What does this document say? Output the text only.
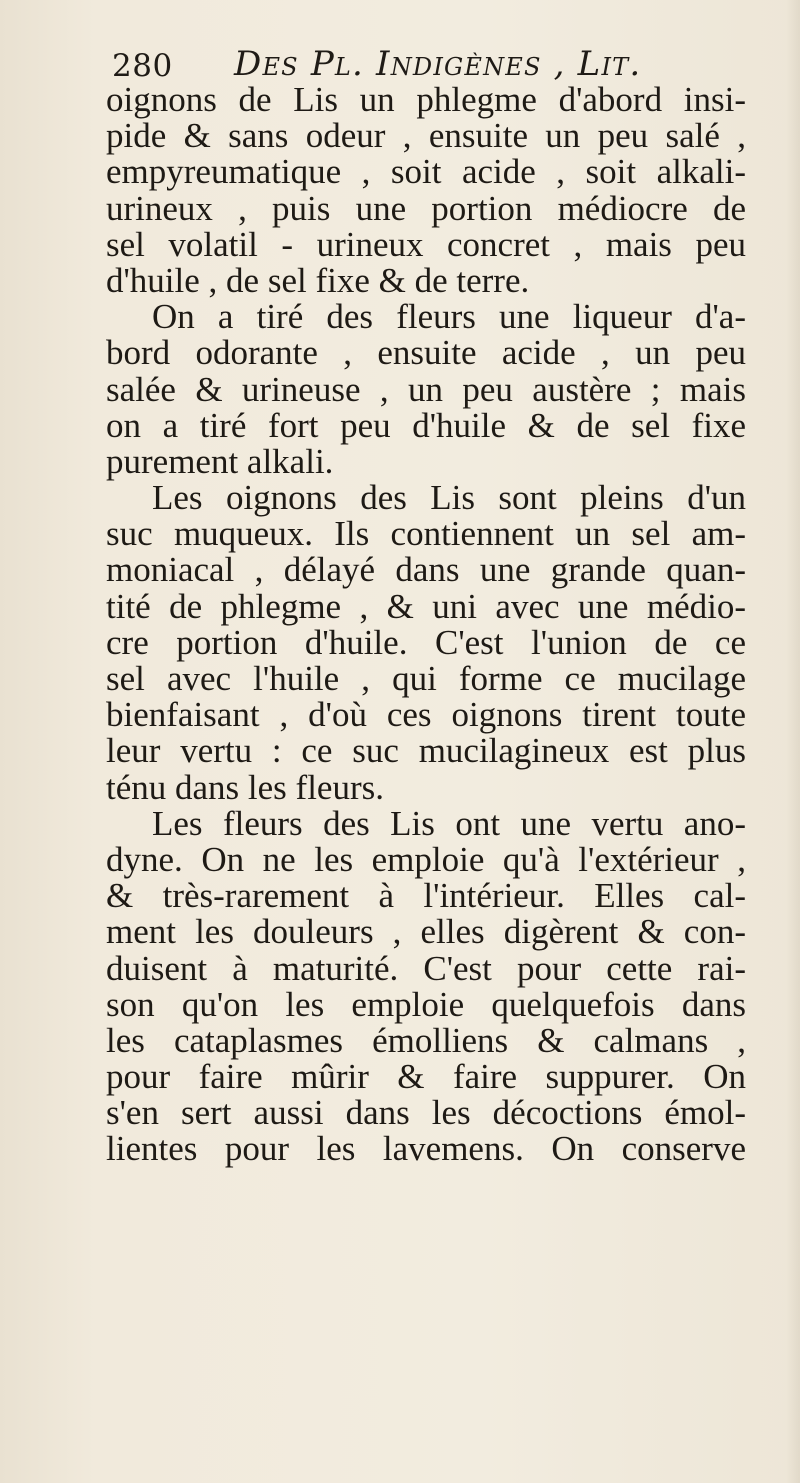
280 Des Pl. Indigènes , Lit.
oignons de Lis un phlegme d'abord insi-
pide & sans odeur , ensuite un peu salé ,
empyreumatique , soit acide , soit alkali-
urineux , puis une portion médiocre de
sel volatil - urineux concret , mais peu
d'huile , de sel fixe & de terre.
On a tiré des fleurs une liqueur d'a-
bord odorante , ensuite acide , un peu
salée & urineuse , un peu austère ; mais
on a tiré fort peu d'huile & de sel fixe
purement alkali.
Les oignons des Lis sont pleins d'un
suc muqueux. Ils contiennent un sel am-
moniacal , délayé dans une grande quan-
tité de phlegme , & uni avec une médio-
cre portion d'huile. C'est l'union de ce
sel avec l'huile , qui forme ce mucilage
bienfaisant , d'où ces oignons tirent toute
leur vertu : ce suc mucilagineux est plus
ténu dans les fleurs.
Les fleurs des Lis ont une vertu ano-
dyne. On ne les emploie qu'à l'extérieur ,
& très-rarement à l'intérieur. Elles cal-
ment les douleurs , elles digèrent & con-
duisent à maturité. C'est pour cette rai-
son qu'on les emploie quelquefois dans
les cataplasmes émolliens & calmans ,
pour faire mûrir & faire suppurer. On
s'en sert aussi dans les décoctions émol-
lientes pour les lavemens. On conserve
